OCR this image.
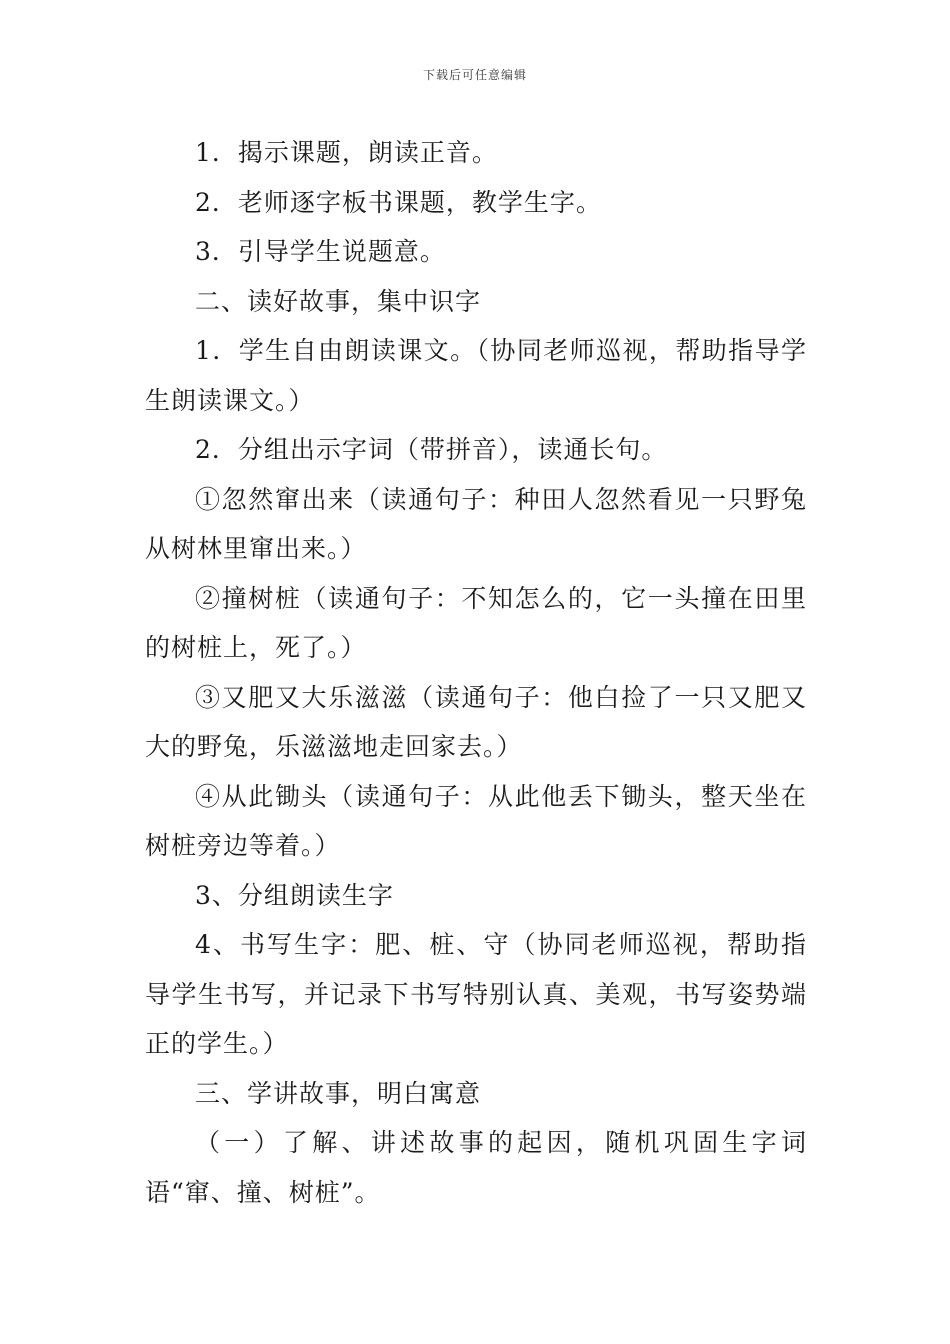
下载后可任意编辑

1．揭示课题，朗读正音。

2．老师逐字板书课题，教学生字。

3．引导学生说题意。

二、读好故事，集中识字

1．学生自由朗读课文。（协同老师巡视，帮助指导学生朗读课文。）

2．分组出示字词（带拼音），读通长句。

①忽然窜出来（读通句子：种田人忽然看见一只野兔从树林里窜出来。）

②撞树桩（读通句子：不知怎么的，它一头撞在田里的树桩上，死了。）

③又肥又大乐滋滋（读通句子：他白捡了一只又肥又大的野兔，乐滋滋地走回家去。）

④从此锄头（读通句子：从此他丢下锄头，整天坐在树桩旁边等着。）

3、分组朗读生字

4、书写生字：肥、桩、守（协同老师巡视，帮助指导学生书写，并记录下书写特别认真、美观，书写姿势端正的学生。）

三、学讲故事，明白寓意

（一）了解、讲述故事的起因，随机巩固生字词语“窜、撞、树桩”。
